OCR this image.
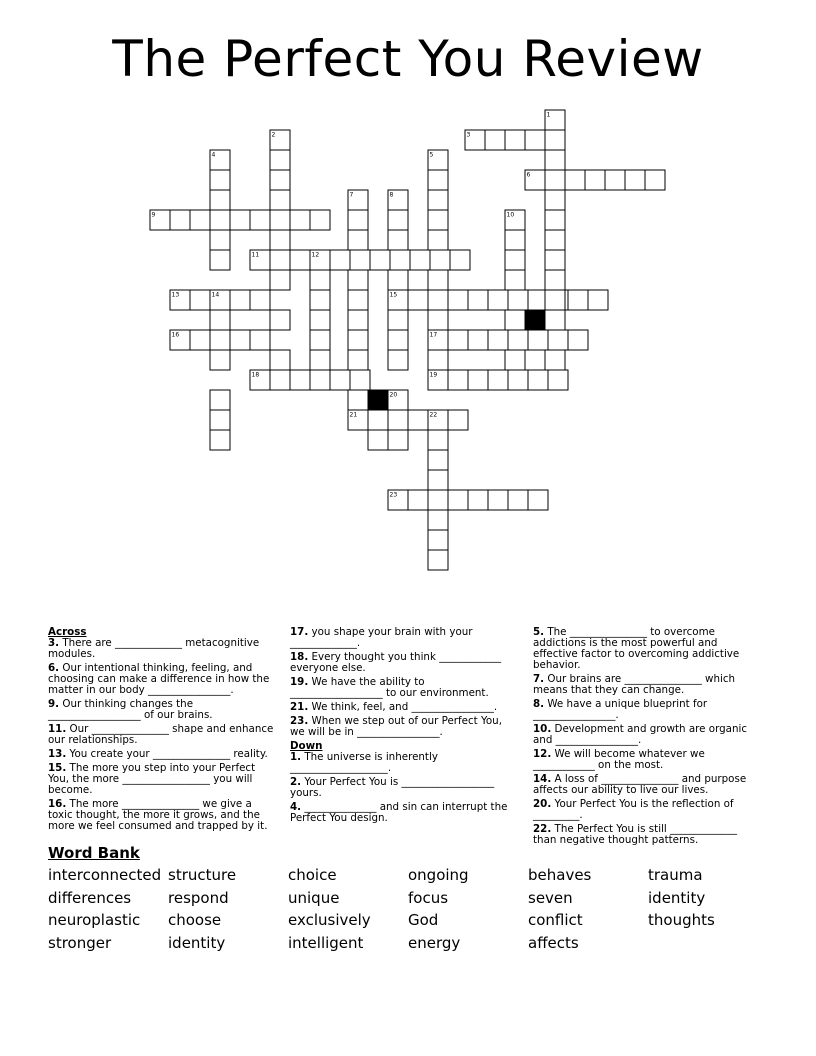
The Perfect You Review
1
2	3
4	5
6
7	8
9	10
11	12
13	14	15
16	17
18	19
20
21	22
23
Across
3. There are _____________ metacognitive modules.
6. Our intentional thinking, feeling, and choosing can make a difference in how the matter in our body ________________.
9. Our thinking changes the __________________ of our brains.
11. Our _______________ shape and enhance our relationships.
13. You create your _______________ reality.
15. The more you step into your Perfect You, the more _________________ you will become.
16. The more _______________ we give a toxic thought, the more it grows, and the more we feel consumed and trapped by it.
17. you shape your brain with your _____________.
18. Every thought you think ____________ everyone else.
19. We have the ability to __________________ to our environment.
21. We think, feel, and ________________.
23. When we step out of our Perfect You, we will be in ________________.
Down
1. The universe is inherently ___________________.
2. Your Perfect You is __________________ yours.
4. ______________ and sin can interrupt the Perfect You design.
5. The _______________ to overcome addictions is the most powerful and effective factor to overcoming addictive behavior.
7. Our brains are _______________ which means that they can change.
8. We have a unique blueprint for ________________.
10. Development and growth are organic and ________________.
12. We will become whatever we ____________ on the most.
14. A loss of _______________ and purpose affects our ability to live our lives.
20. Your Perfect You is the reflection of _________.
22. The Perfect You is still _____________ than negative thought patterns.
Word Bank
interconnected
differences
neuroplastic
stronger
structure
respond
choose
identity
choice
unique
exclusively
intelligent
ongoing
focus
God
energy
behaves
seven
conflict
affects
trauma
identity
thoughts
